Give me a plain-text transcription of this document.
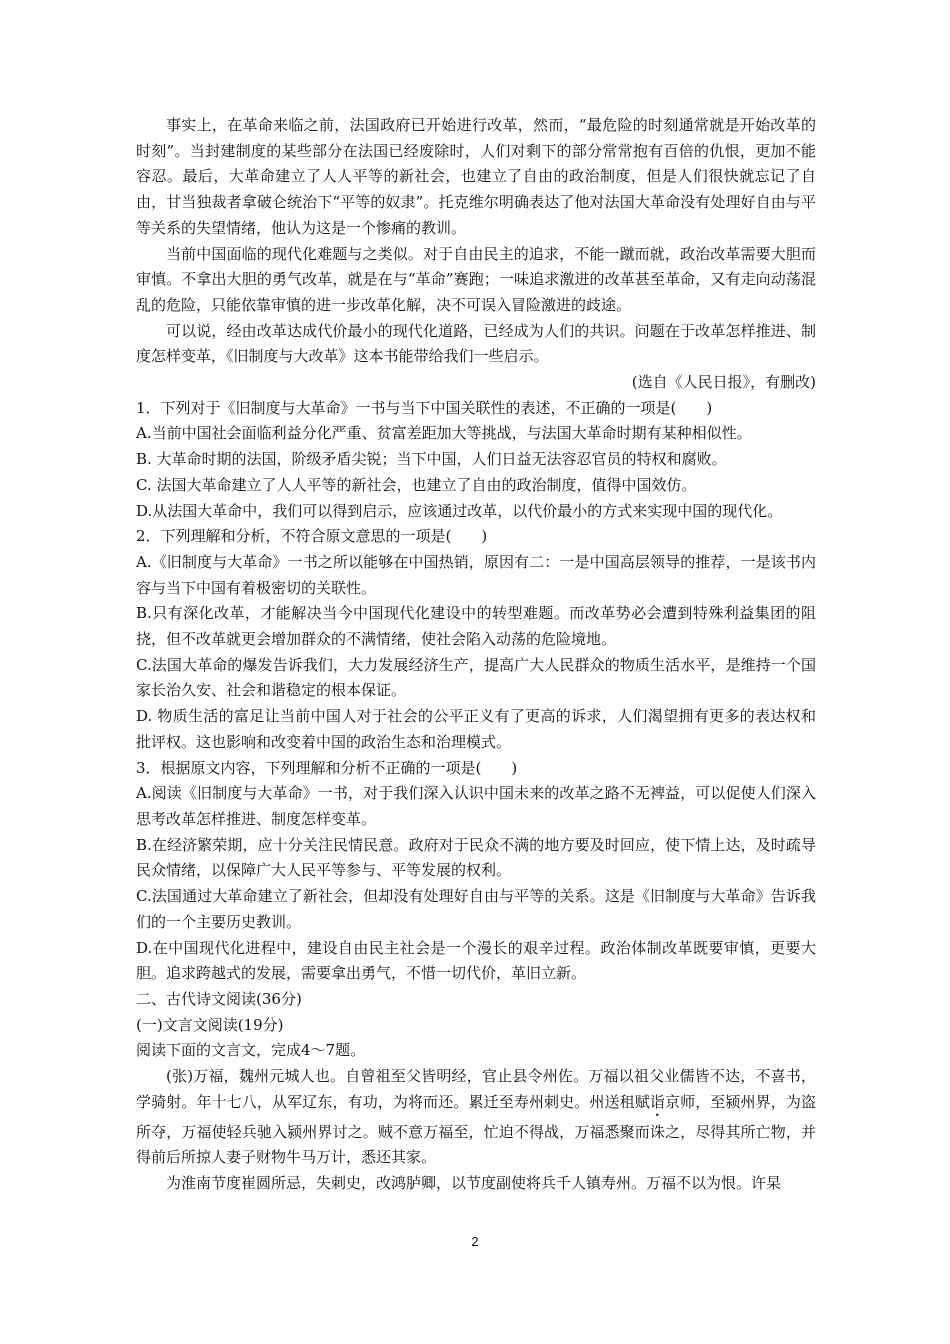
事实上，在革命来临之前，法国政府已开始进行改革，然而，“最危险的时刻通常就是开始改革的时刻”。当封建制度的某些部分在法国已经废除时，人们对剩下的部分常常抱有百倍的仇恨，更加不能容忍。最后，大革命建立了人人平等的新社会，也建立了自由的政治制度，但是人们很快就忘记了自由，甘当独裁者拿破仑统治下“平等的奴隶”。托克维尔明确表达了他对法国大革命没有处理好自由与平等关系的失望情绪，他认为这是一个惨痛的教训。

当前中国面临的现代化难题与之类似。对于自由民主的追求，不能一蹴而就，政治改革需要大胆而审慎。不拿出大胆的勇气改革，就是在与“革命”赛跑；一味追求激进的改革甚至革命，又有走向动荡混乱的危险，只能依靠审慎的进一步改革化解，决不可误入冒险激进的歧途。

可以说，经由改革达成代价最小的现代化道路，已经成为人们的共识。问题在于改革怎样推进、制度怎样变革，《旧制度与大改革》这本书能带给我们一些启示。

(选自《人民日报》，有删改)

1．下列对于《旧制度与大革命》一书与当下中国关联性的表述，不正确的一项是(　　)

A.当前中国社会面临利益分化严重、贫富差距加大等挑战，与法国大革命时期有某种相似性。

B. 大革命时期的法国，阶级矛盾尖锐；当下中国，人们日益无法容忍官员的特权和腐败。

C. 法国大革命建立了人人平等的新社会，也建立了自由的政治制度，值得中国效仿。

D.从法国大革命中，我们可以得到启示，应该通过改革，以代价最小的方式来实现中国的现代化。

2．下列理解和分析，不符合原文意思的一项是(　　)

A.《旧制度与大革命》一书之所以能够在中国热销，原因有二：一是中国高层领导的推荐，一是该书内容与当下中国有着极密切的关联性。

B.只有深化改革，才能解决当今中国现代化建设中的转型难题。而改革势必会遭到特殊利益集团的阻挠，但不改革就更会增加群众的不满情绪，使社会陷入动荡的危险境地。

C.法国大革命的爆发告诉我们，大力发展经济生产，提高广大人民群众的物质生活水平，是维持一个国家长治久安、社会和谐稳定的根本保证。

D. 物质生活的富足让当前中国人对于社会的公平正义有了更高的诉求，人们渴望拥有更多的表达权和批评权。这也影响和改变着中国的政治生态和治理模式。

3．根据原文内容，下列理解和分析不正确的一项是(　　)

A.阅读《旧制度与大革命》一书，对于我们深入认识中国未来的改革之路不无裨益，可以促使人们深入思考改革怎样推进、制度怎样变革。

B.在经济繁荣期，应十分关注民情民意。政府对于民众不满的地方要及时回应，使下情上达，及时疏导民众情绪，以保障广大人民平等参与、平等发展的权利。

C.法国通过大革命建立了新社会，但却没有处理好自由与平等的关系。这是《旧制度与大革命》告诉我们的一个主要历史教训。

D.在中国现代化进程中，建设自由民主社会是一个漫长的艰辛过程。政治体制改革既要审慎，更要大胆。追求跨越式的发展，需要拿出勇气，不惜一切代价，革旧立新。

二、古代诗文阅读(36分)

(一)文言文阅读(19分)

阅读下面的文言文，完成4～7题。

(张)万福，魏州元城人也。自曾祖至父皆明经，官止县令州佐。万福以祖父业儒皆不达，不喜书，学骑射。年十七八，从军辽东，有功，为将而还。累迁至寿州刺史。州送租赋诣京师，至颍州界，为盗所夺，万福使轻兵驰入颍州界讨之。贼不意万福至，忙迫不得战，万福悉聚而诛之，尽得其所亡物，并得前后所掠人妻子财物牛马万计，悉还其家。

为淮南节度崔圆所忌，失刺史，改鸿胪卿，以节度副使将兵千人镇寿州。万福不以为恨。许杲

2
